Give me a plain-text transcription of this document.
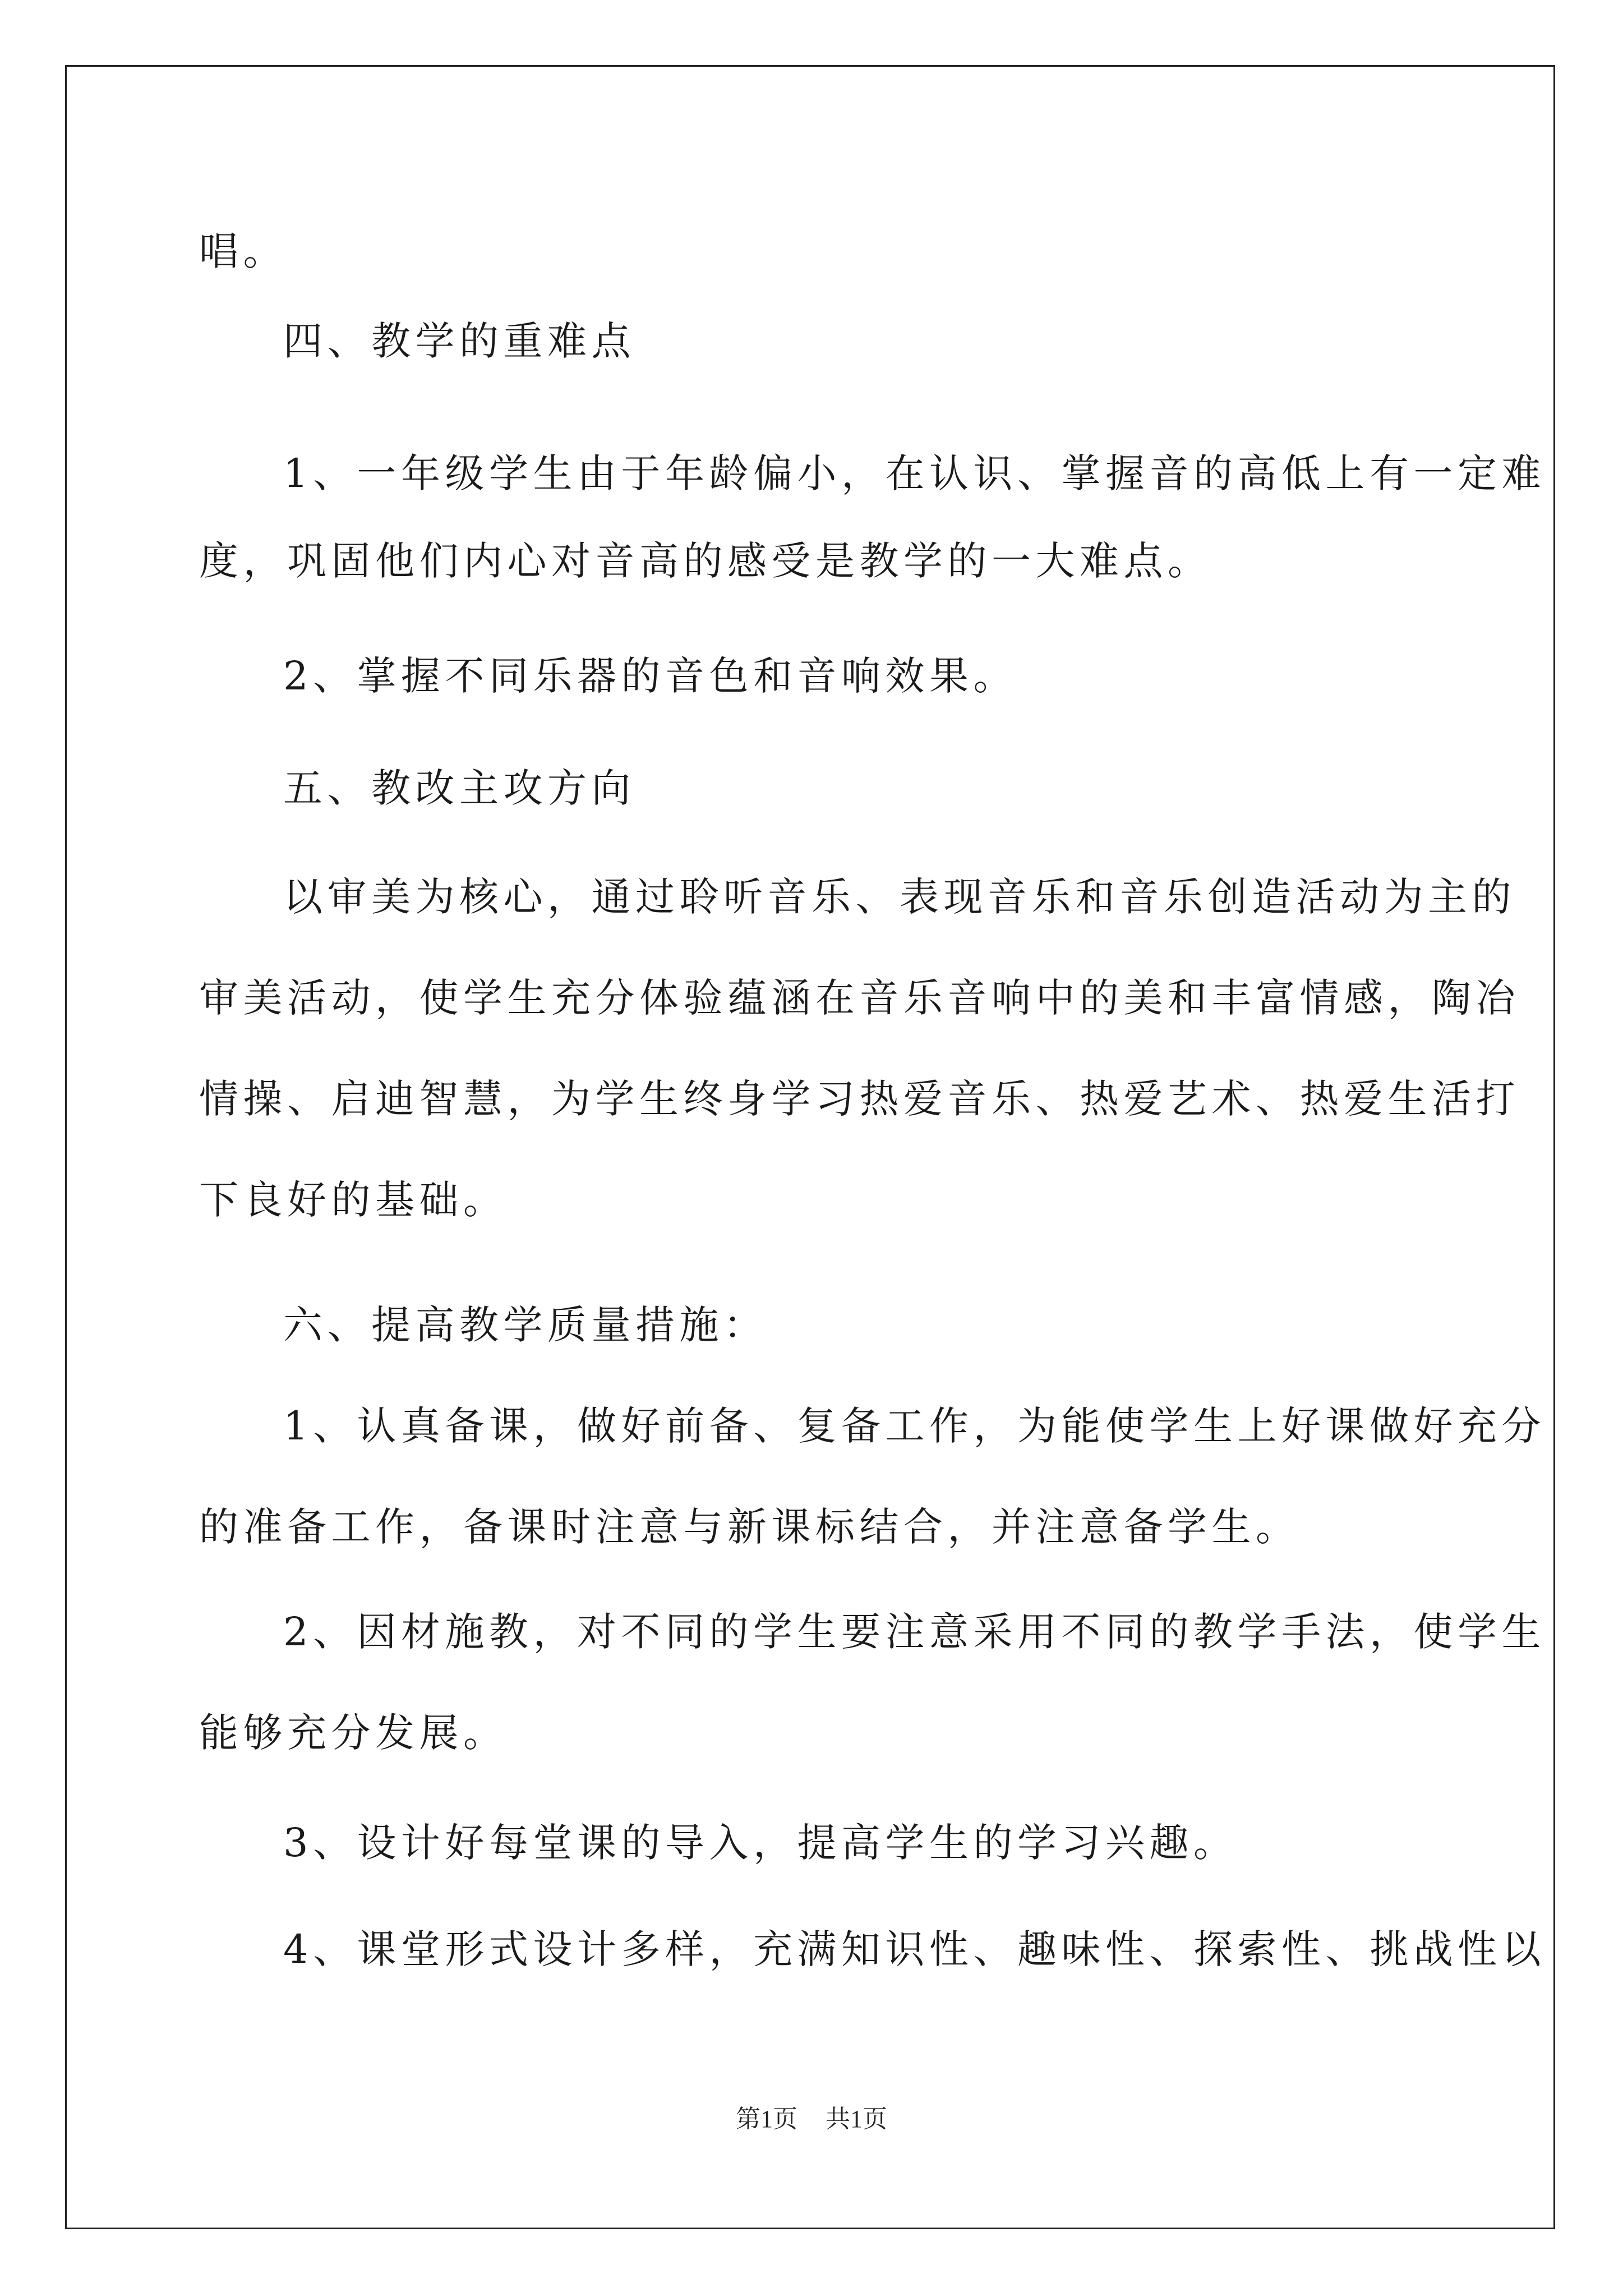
唱。
四、教学的重难点
1、一年级学生由于年龄偏小，在认识、掌握音的高低上有一定难
度，巩固他们内心对音高的感受是教学的一大难点。
2、掌握不同乐器的音色和音响效果。
五、教改主攻方向
以审美为核心，通过聆听音乐、表现音乐和音乐创造活动为主的
审美活动，使学生充分体验蕴涵在音乐音响中的美和丰富情感，陶冶
情操、启迪智慧，为学生终身学习热爱音乐、热爱艺术、热爱生活打
下良好的基础。
六、提高教学质量措施：
1、认真备课，做好前备、复备工作，为能使学生上好课做好充分
的准备工作，备课时注意与新课标结合，并注意备学生。
2、因材施教，对不同的学生要注意采用不同的教学手法，使学生
能够充分发展。
3、设计好每堂课的导入，提高学生的学习兴趣。
4、课堂形式设计多样，充满知识性、趣味性、探索性、挑战性以
第1页 共1页
